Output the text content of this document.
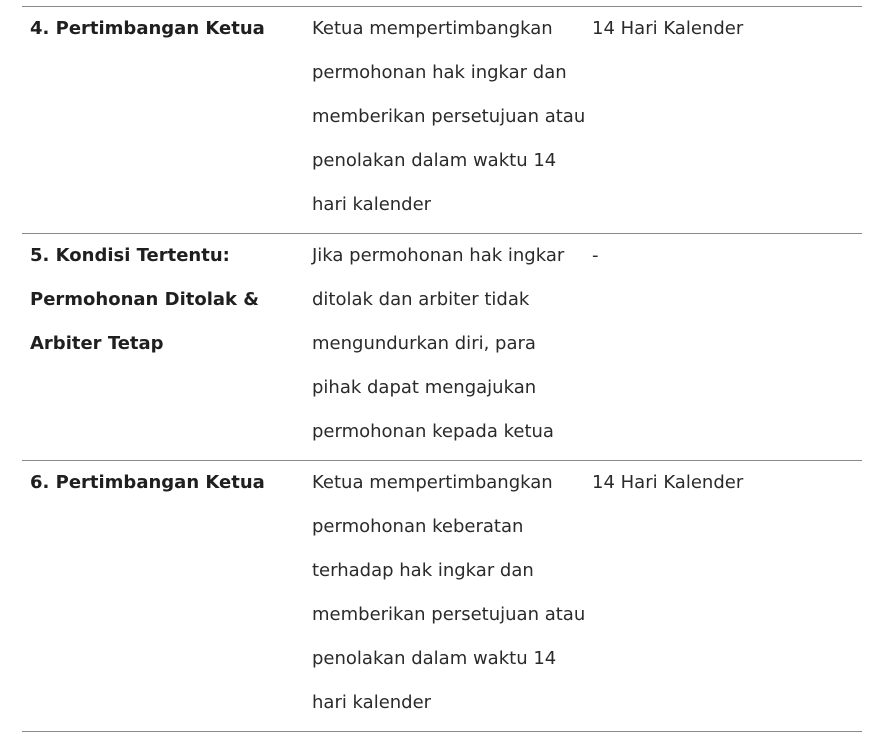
4. Pertimbangan Ketua	Ketua mempertimbangkan
permohonan hak ingkar dan
memberikan persetujuan atau
penolakan dalam waktu 14
hari kalender
14 Hari Kalender
5. Kondisi Tertentu:
Permohonan Ditolak &
Arbiter Tetap
Jika permohonan hak ingkar
ditolak dan arbiter tidak
mengundurkan diri, para
pihak dapat mengajukan
permohonan kepada ketua
-
6. Pertimbangan Ketua	Ketua mempertimbangkan
permohonan keberatan
terhadap hak ingkar dan
memberikan persetujuan atau
penolakan dalam waktu 14
hari kalender
14 Hari Kalender
